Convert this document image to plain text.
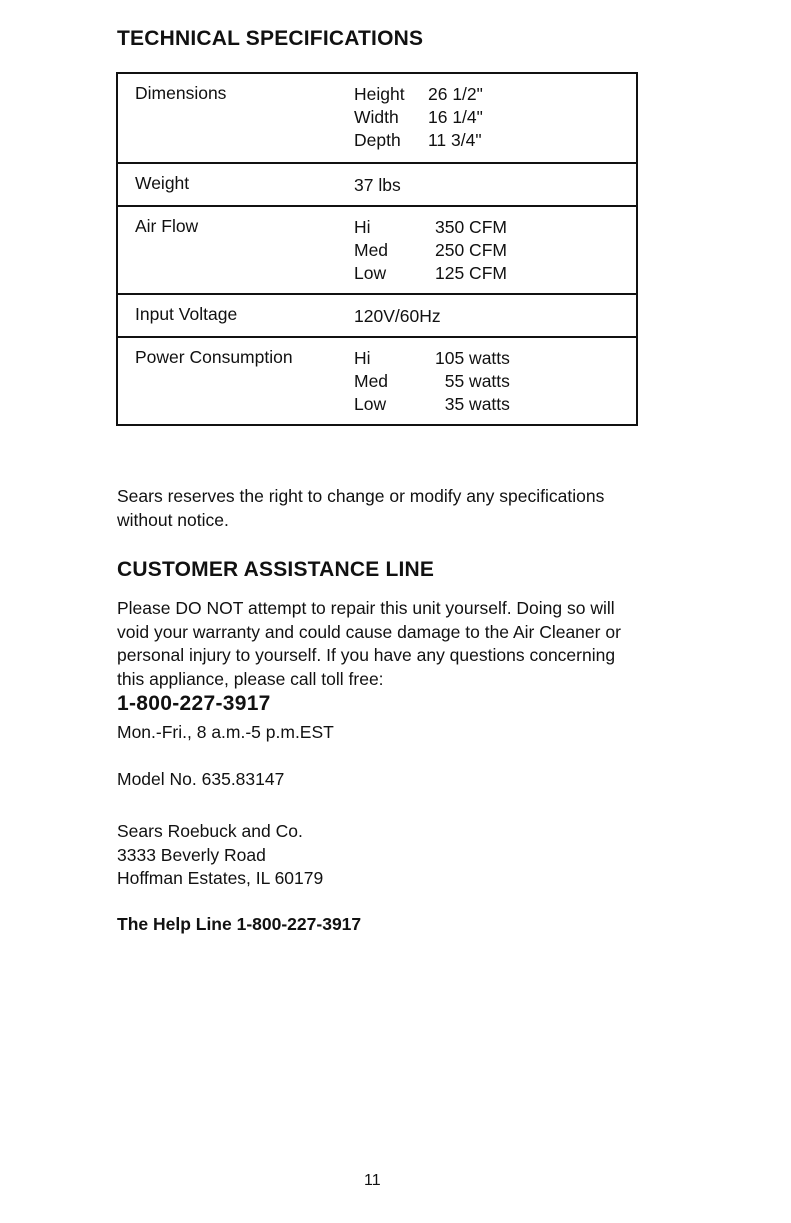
TECHNICAL SPECIFICATIONS
Dimensions	Height 26 1/2"
Width 16 1/4"
Depth 11 3/4"

Weight	37 lbs

Air Flow	Hi 350 CFM
Med 250 CFM
Low 125 CFM

Input Voltage	120V/60Hz

Power Consumption	Hi 105 watts
Med 55 watts
Low 35 watts

Sears reserves the right to change or modify any specifications without notice.

CUSTOMER ASSISTANCE LINE

Please DO NOT attempt to repair this unit yourself. Doing so will void your warranty and could cause damage to the Air Cleaner or personal injury to yourself. If you have any questions concerning this appliance, please call toll free:

1-800-227-3917

Mon.-Fri., 8 a.m.-5 p.m.EST
Model No. 635.83147
Sears Roebuck and Co.
3333 Beverly Road
Hoffman Estates, IL 60179

The Help Line 1-800-227-3917

11
